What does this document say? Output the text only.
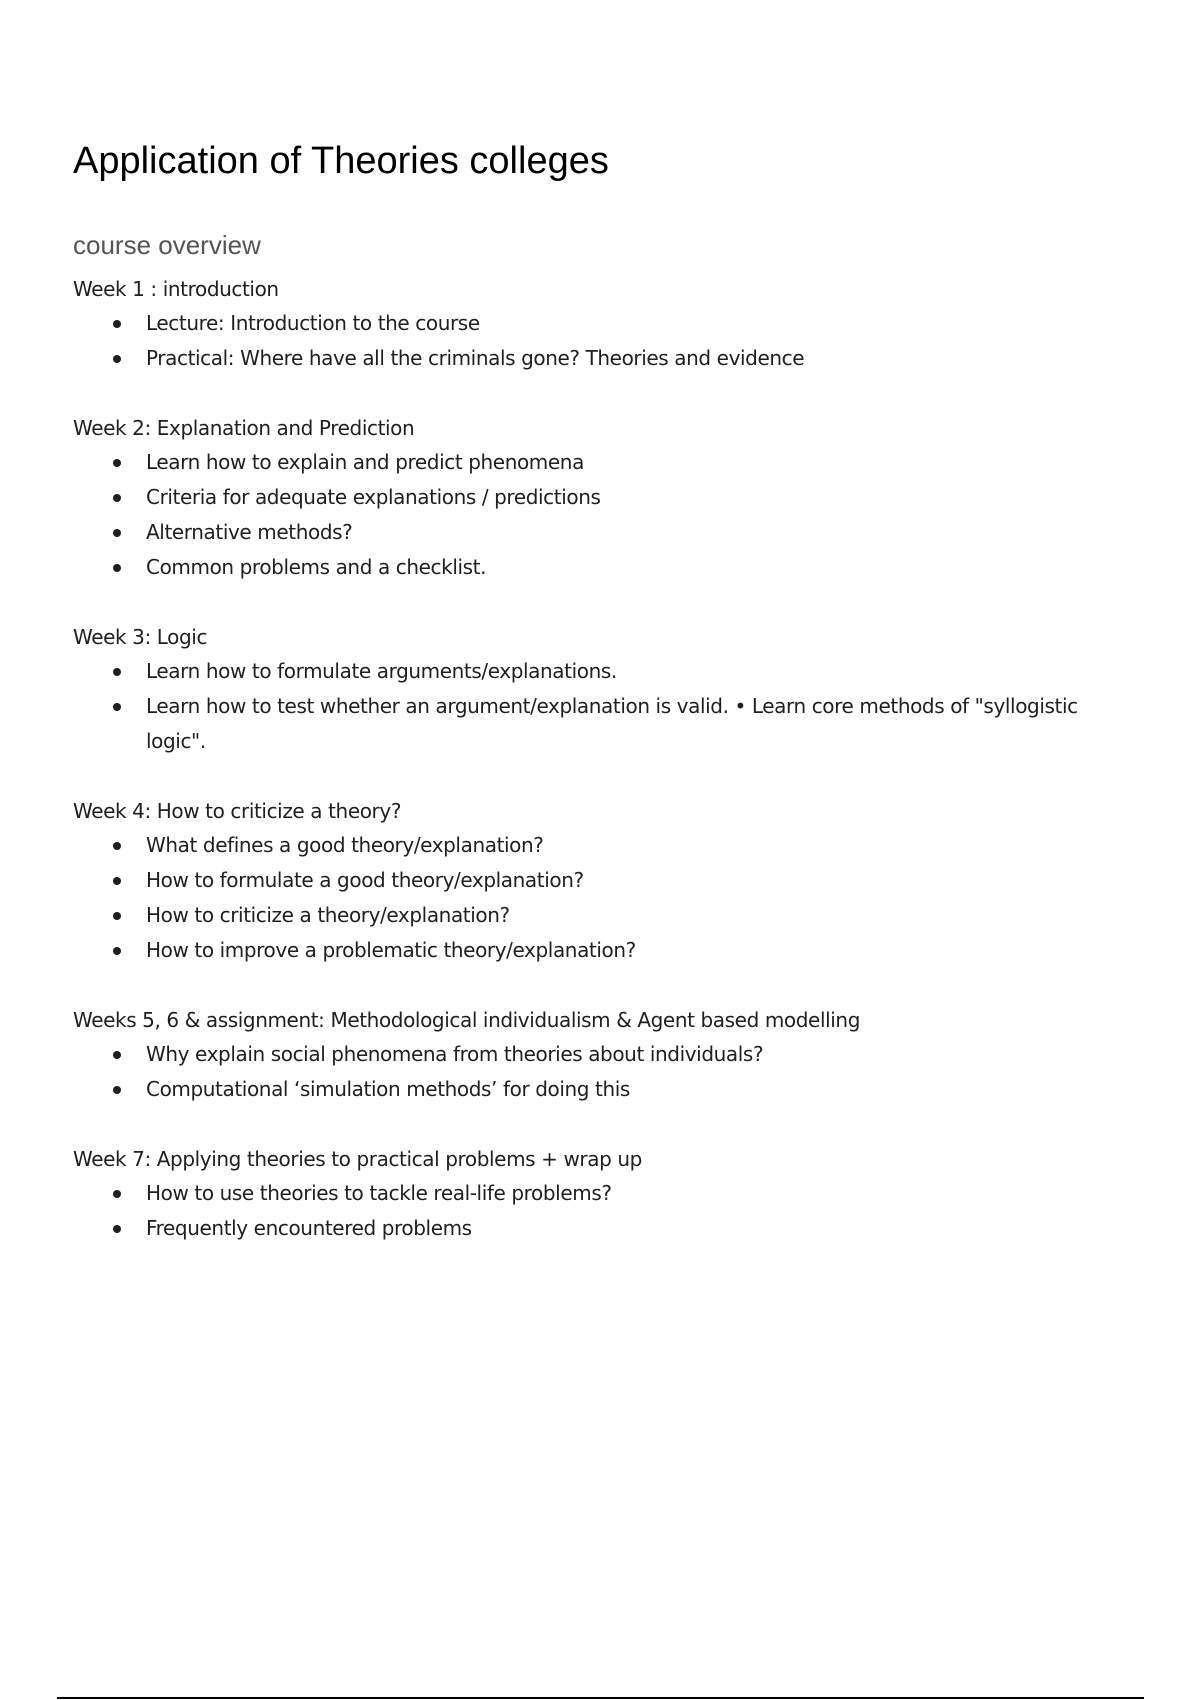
Application of Theories colleges
course overview
Week 1 : introduction
Lecture: Introduction to the course
Practical: Where have all the criminals gone? Theories and evidence
Week 2: Explanation and Prediction
Learn how to explain and predict phenomena
Criteria for adequate explanations / predictions
Alternative methods?
Common problems and a checklist.
Week 3: Logic
Learn how to formulate arguments/explanations.
Learn how to test whether an argument/explanation is valid. • Learn core methods of "syllogistic logic".
Week 4: How to criticize a theory?
What defines a good theory/explanation?
How to formulate a good theory/explanation?
How to criticize a theory/explanation?
How to improve a problematic theory/explanation?
Weeks 5, 6 & assignment: Methodological individualism & Agent based modelling
Why explain social phenomena from theories about individuals?
Computational ‘simulation methods’ for doing this
Week 7: Applying theories to practical problems + wrap up
How to use theories to tackle real-life problems?
Frequently encountered problems
